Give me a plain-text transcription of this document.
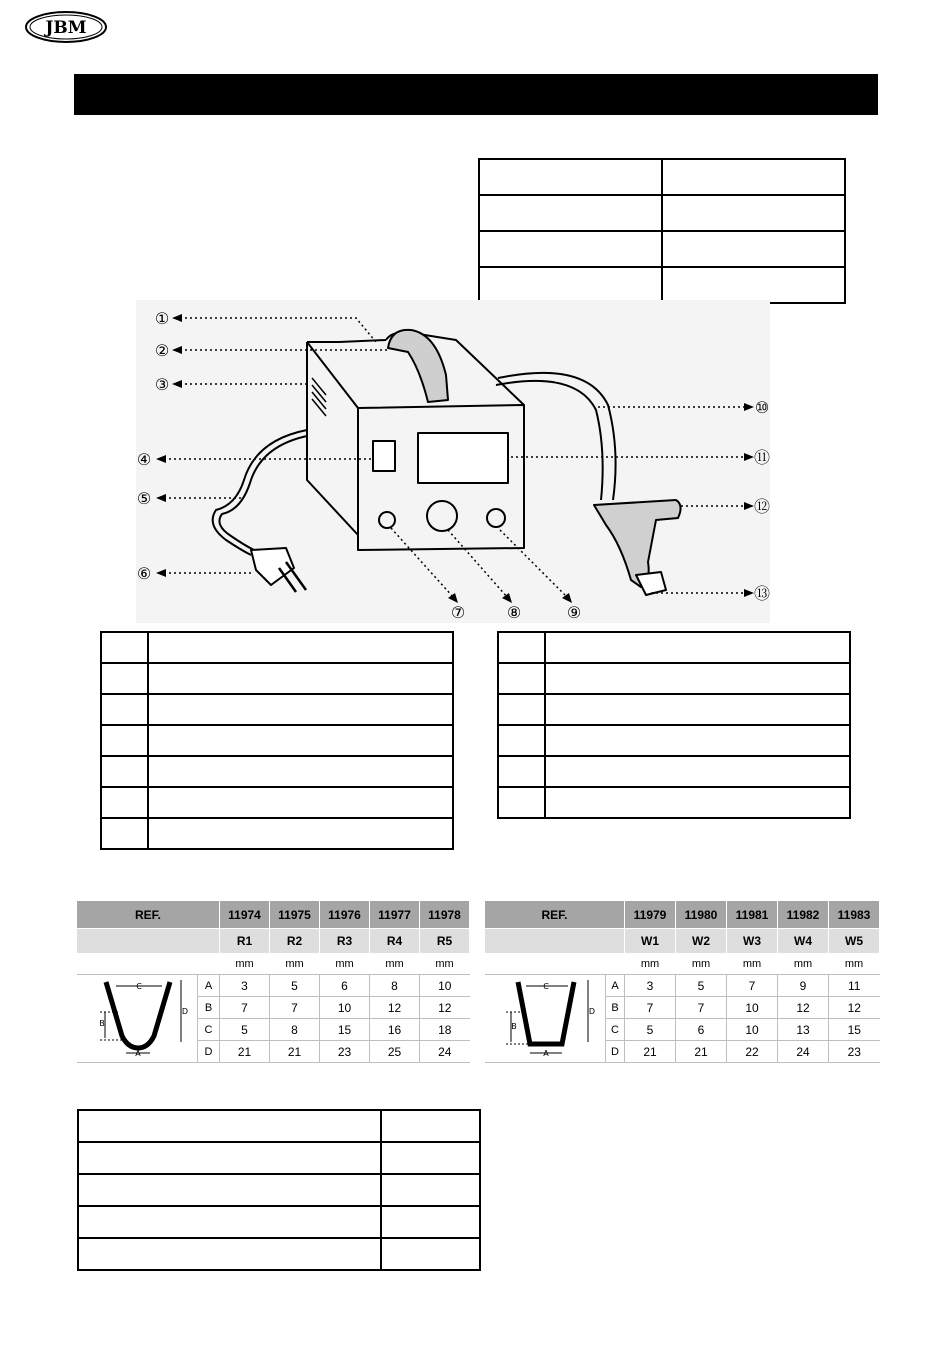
JBM

①
②
③
④
⑤
⑥
⑦	⑧	⑨
⑩
⑪
⑫
⑬

REF.		11974	11975	11976	11977	11978
		R1	R2	R3	R4	R5
		mm	mm	mm	mm	mm

C
B
A
D	A	3	5	6	8	10
	B	7	7	10	12	12
	C	5	8	15	16	18
	D	21	21	23	25	24
REF.		11979	11980	11981	11982	11983
		W1	W2	W3	W4	W5
		mm	mm	mm	mm	mm

C
B
A
D	A	3	5	7	9	11
	B	7	7	10	12	12
	C	5	6	10	13	15
	D	21	21	22	24	23
